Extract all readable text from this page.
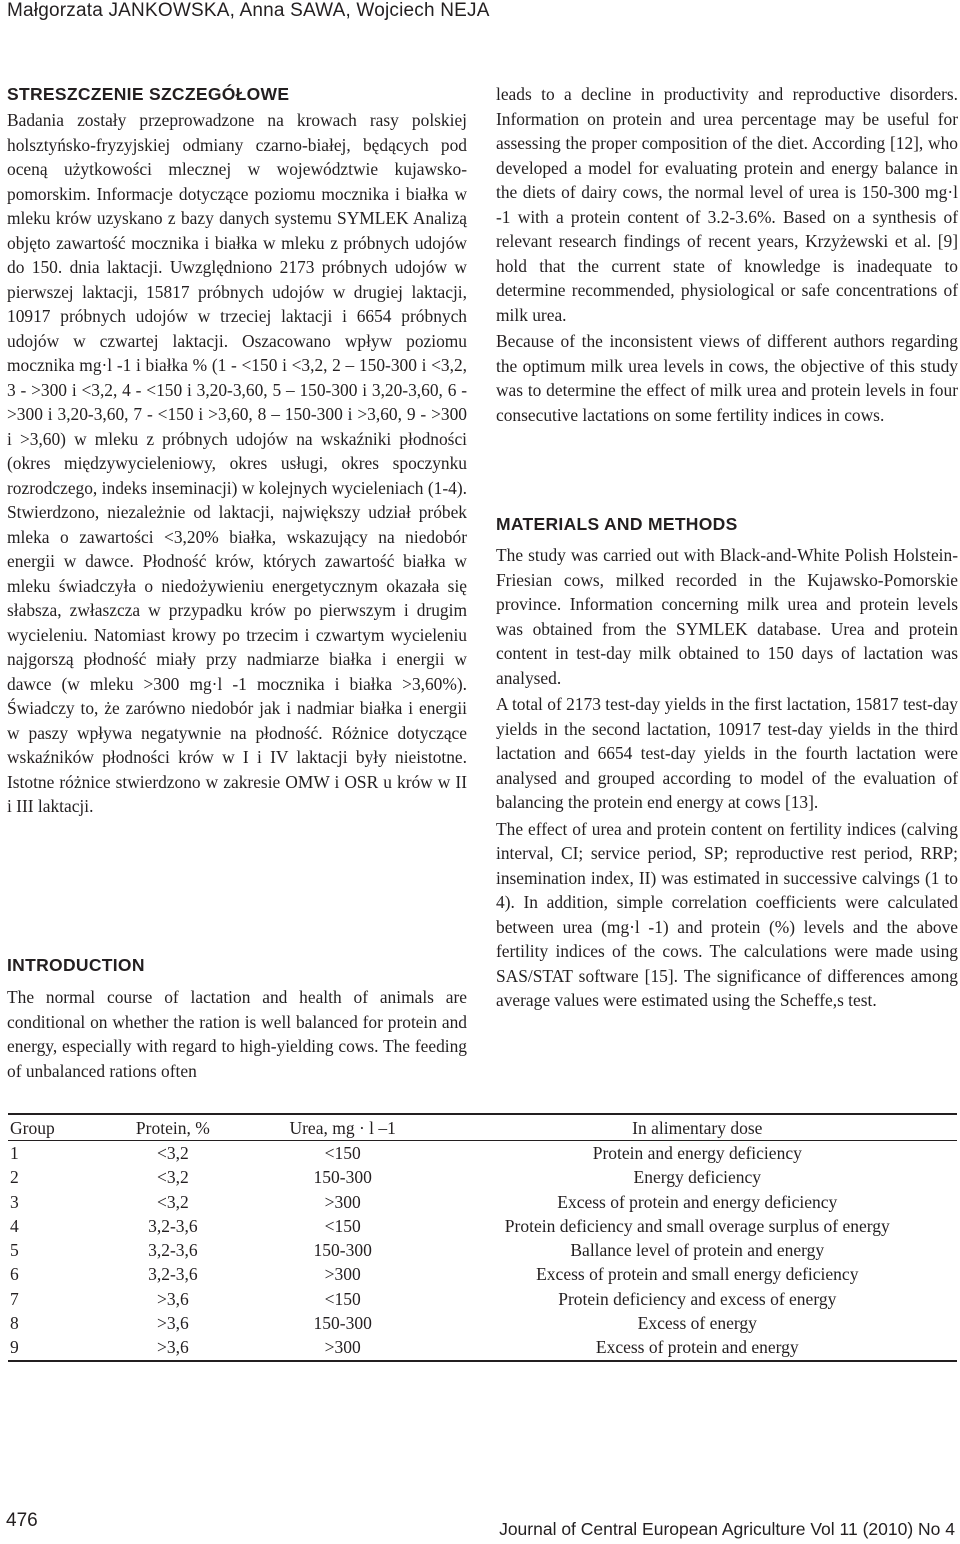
Małgorzata JANKOWSKA, Anna SAWA, Wojciech NEJA
STRESZCZENIE SZCZEGÓŁOWE

Badania zostały przeprowadzone na krowach rasy polskiej holsztyńsko-fryzyjskiej odmiany czarno-białej, będących pod oceną użytkowości mlecznej w województwie kujawsko-pomorskim. Informacje dotyczące poziomu mocznika i białka w mleku krów uzyskano z bazy danych systemu SYMLEK Analizą objęto zawartość mocznika i białka w mleku z próbnych udojów do 150. dnia laktacji. Uwzględniono 2173 próbnych udojów w pierwszej laktacji, 15817 próbnych udojów w drugiej laktacji, 10917 próbnych udojów w trzeciej laktacji i 6654 próbnych udojów w czwartej laktacji. Oszacowano wpływ poziomu mocznika mg·l -1 i białka % (1 - <150 i <3,2, 2 – 150-300 i <3,2, 3 - >300 i <3,2, 4 - <150 i 3,20-3,60, 5 – 150-300 i 3,20-3,60, 6 - >300 i 3,20-3,60, 7 - <150 i >3,60, 8 – 150-300 i >3,60, 9 - >300 i >3,60) w mleku z próbnych udojów na wskaźniki płodności (okres międzywycieleniowy, okres usługi, okres spoczynku rozrodczego, indeks inseminacji) w kolejnych wycieleniach (1-4). Stwierdzono, niezależnie od laktacji, największy udział próbek mleka o zawartości <3,20% białka, wskazujący na niedobór energii w dawce. Płodność krów, których zawartość białka w mleku świadczyła o niedożywieniu energetycznym okazała się słabsza, zwłaszcza w przypadku krów po pierwszym i drugim wycieleniu. Natomiast krowy po trzecim i czwartym wycieleniu najgorszą płodność miały przy nadmiarze białka i energii w dawce (w mleku >300 mg·l -1 mocznika i białka >3,60%). Świadczy to, że zarówno niedobór jak i nadmiar białka i energii w paszy wpływa negatywnie na płodność. Różnice dotyczące wskaźników płodności krów w I i IV laktacji były nieistotne. Istotne różnice stwierdzono w zakresie OMW i OSR u krów w II i III laktacji.

INTRODUCTION

The normal course of lactation and health of animals are conditional on whether the ration is well balanced for protein and energy, especially with regard to high-yielding cows. The feeding of unbalanced rations often

leads to a decline in productivity and reproductive disorders. Information on protein and urea percentage may be useful for assessing the proper composition of the diet. According [12], who developed a model for evaluating protein and energy balance in the diets of dairy cows, the normal level of urea is 150-300 mg·l -1 with a protein content of 3.2-3.6%. Based on a synthesis of relevant research findings of recent years, Krzyżewski et al. [9] hold that the current state of knowledge is inadequate to determine recommended, physiological or safe concentrations of milk urea.

Because of the inconsistent views of different authors regarding the optimum milk urea levels in cows, the objective of this study was to determine the effect of milk urea and protein levels in four consecutive lactations on some fertility indices in cows.

MATERIALS AND METHODS

The study was carried out with Black-and-White Polish Holstein-Friesian cows, milked recorded in the Kujawsko-Pomorskie province. Information concerning milk urea and protein levels was obtained from the SYMLEK database. Urea and protein content in test-day milk obtained to 150 days of lactation was analysed.

A total of 2173 test-day yields in the first lactation, 15817 test-day yields in the second lactation, 10917 test-day yields in the third lactation and 6654 test-day yields in the fourth lactation were analysed and grouped according to model of the evaluation of balancing the protein end energy at cows [13].

The effect of urea and protein content on fertility indices (calving interval, CI; service period, SP; reproductive rest period, RRP; insemination index, II) was estimated in successive calvings (1 to 4). In addition, simple correlation coefficients were calculated between urea (mg·l -1) and protein (%) levels and the above fertility indices of the cows. The calculations were made using SAS/STAT software [15]. The significance of differences among average values were estimated using the Scheffe,s test.

Group	Protein, %	Urea, mg · l –1	In alimentary dose
1	<3,2	<150	Protein and energy deficiency
2	<3,2	150-300	Energy deficiency
3	<3,2	>300	Excess of protein and energy deficiency
4	3,2-3,6	<150	Protein deficiency and small overage surplus of energy
5	3,2-3,6	150-300	Ballance level of protein and energy
6	3,2-3,6	>300	Excess of protein and small energy deficiency
7	>3,6	<150	Protein deficiency and excess of energy
8	>3,6	150-300	Excess of energy
9	>3,6	>300	Excess of protein and energy
476	Journal of Central European Agriculture Vol 11 (2010) No 4
